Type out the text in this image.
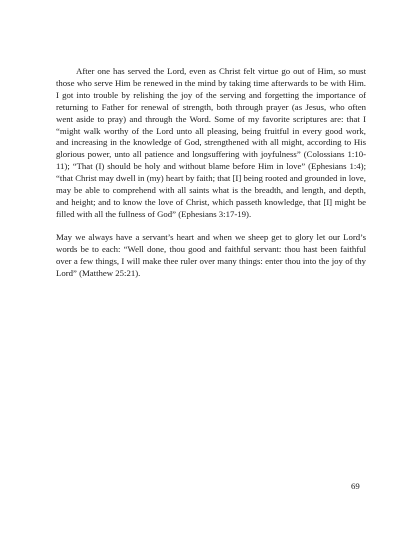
After one has served the Lord, even as Christ felt virtue go out of Him, so must those who serve Him be renewed in the mind by taking time afterwards to be with Him. I got into trouble by relishing the joy of the serving and forgetting the importance of returning to Father for renewal of strength, both through prayer (as Jesus, who often went aside to pray) and through the Word. Some of my favorite scriptures are: that I “might walk worthy of the Lord unto all pleasing, being fruitful in every good work, and increasing in the knowledge of God, strengthened with all might, according to His glorious power, unto all patience and longsuffering with joyfulness” (Colossians 1:10-11); “That (I) should be holy and without blame before Him in love” (Ephesians 1:4); “that Christ may dwell in (my) heart by faith; that [I] being rooted and grounded in love, may be able to comprehend with all saints what is the breadth, and length, and depth, and height; and to know the love of Christ, which passeth knowledge, that [I] might be filled with all the fullness of God” (Ephesians 3:17-19).

May we always have a servant’s heart and when we sheep get to glory let our Lord’s words be to each: “Well done, thou good and faithful servant: thou hast been faithful over a few things, I will make thee ruler over many things: enter thou into the joy of thy Lord” (Matthew 25:21).

69
